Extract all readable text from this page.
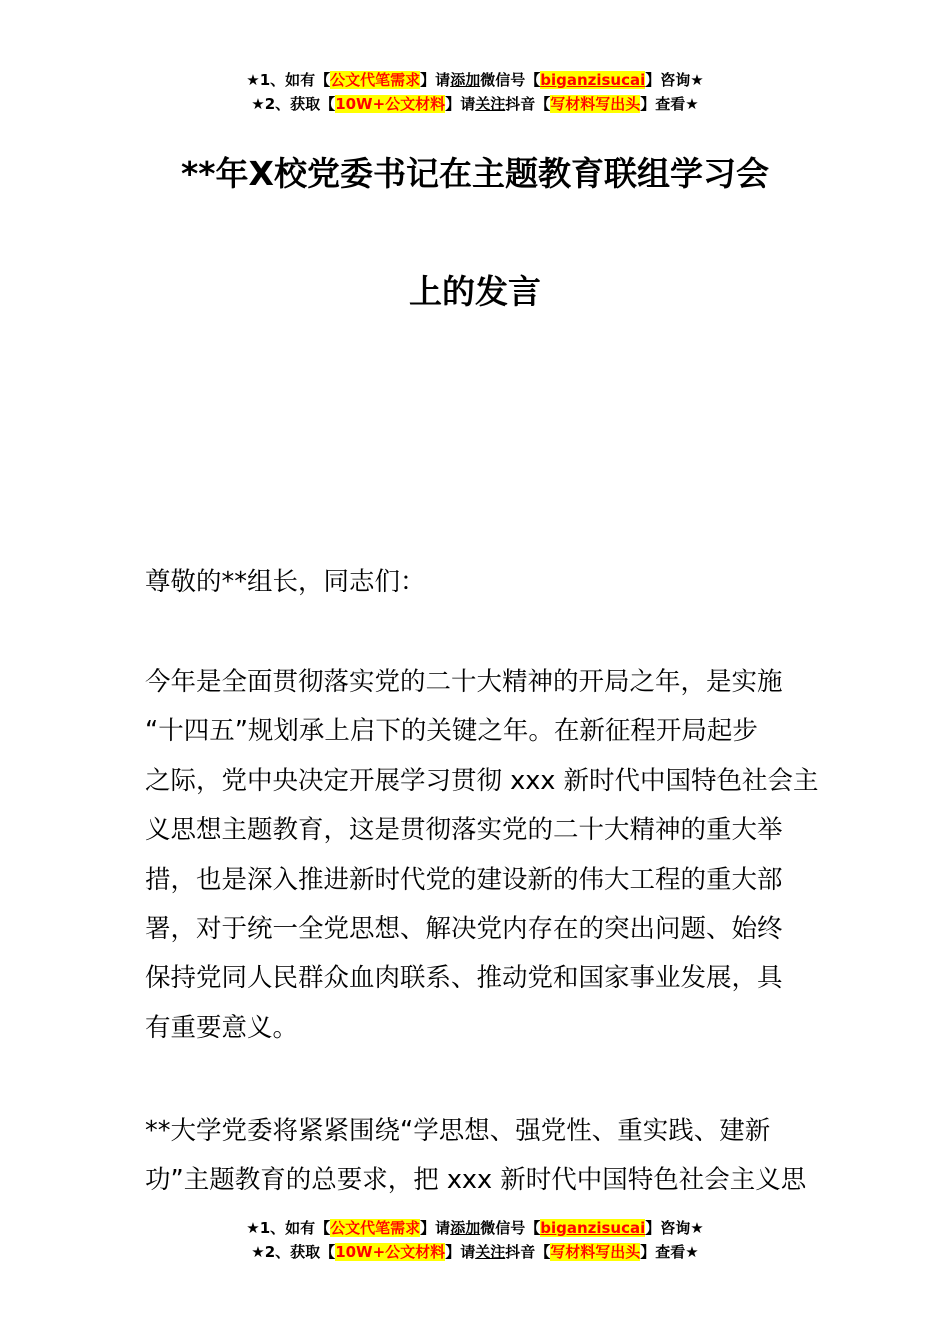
★1、如有【公文代笔需求】请添加微信号【biganzisucai】咨询★
★2、获取【10W+公文材料】请关注抖音【写材料写出头】查看★
**年X校党委书记在主题教育联组学习会
上的发言
尊敬的**组长，同志们：
今年是全面贯彻落实党的二十大精神的开局之年，是实施
“十四五”规划承上启下的关键之年。在新征程开局起步
之际，党中央决定开展学习贯彻 xxx 新时代中国特色社会主
义思想主题教育，这是贯彻落实党的二十大精神的重大举
措，也是深入推进新时代党的建设新的伟大工程的重大部
署，对于统一全党思想、解决党内存在的突出问题、始终
保持党同人民群众血肉联系、推动党和国家事业发展，具
有重要意义。
**大学党委将紧紧围绕“学思想、强党性、重实践、建新
功”主题教育的总要求，把 xxx 新时代中国特色社会主义思
★1、如有【公文代笔需求】请添加微信号【biganzisucai】咨询★
★2、获取【10W+公文材料】请关注抖音【写材料写出头】查看★
